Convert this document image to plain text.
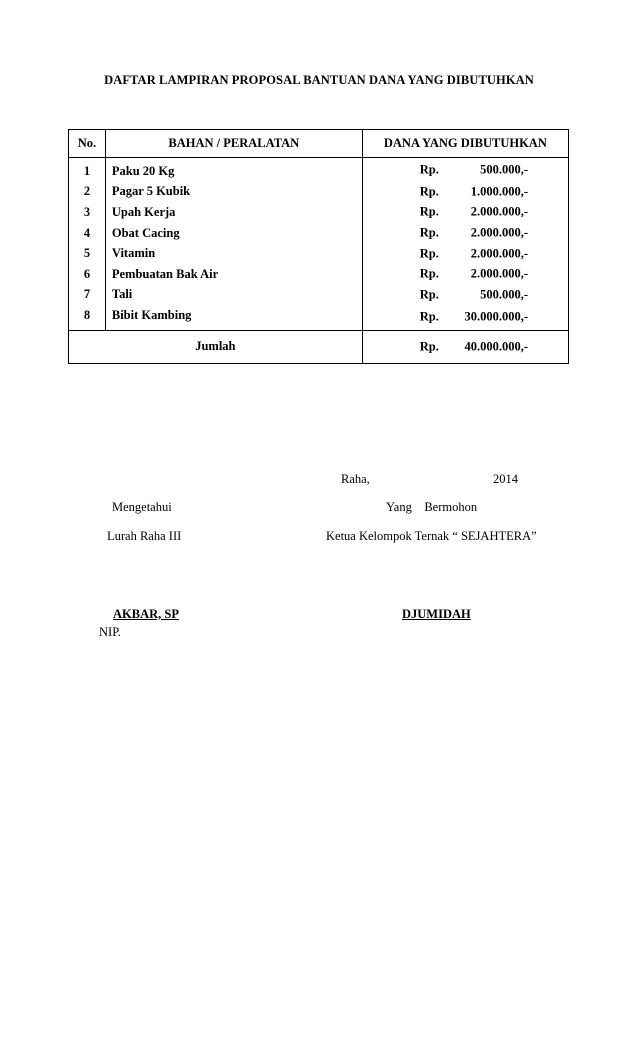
DAFTAR LAMPIRAN PROPOSAL BANTUAN DANA YANG DIBUTUHKAN
No.	BAHAN / PERALATAN	DANA YANG DIBUTUHKAN
1	Paku 20 Kg	Rp. 500.000,-

2	Pagar 5 Kubik	Rp. 1.000.000,-

3	Upah Kerja	Rp. 2.000.000,-

4	Obat Cacing	Rp. 2.000.000,-

5	Vitamin	Rp. 2.000.000,-

6	Pembuatan Bak Air	Rp. 2.000.000,-

7	Tali	Rp. 500.000,-

8	Bibit Kambing	Rp. 30.000.000,-

Jumlah		Rp. 40.000.000,-
Raha,	2014
Mengetahui	Yang    Bermohon
Lurah Raha III	Ketua Kelompok Ternak “ SEJAHTERA”
AKBAR, SP	DJUMIDAH
NIP.
